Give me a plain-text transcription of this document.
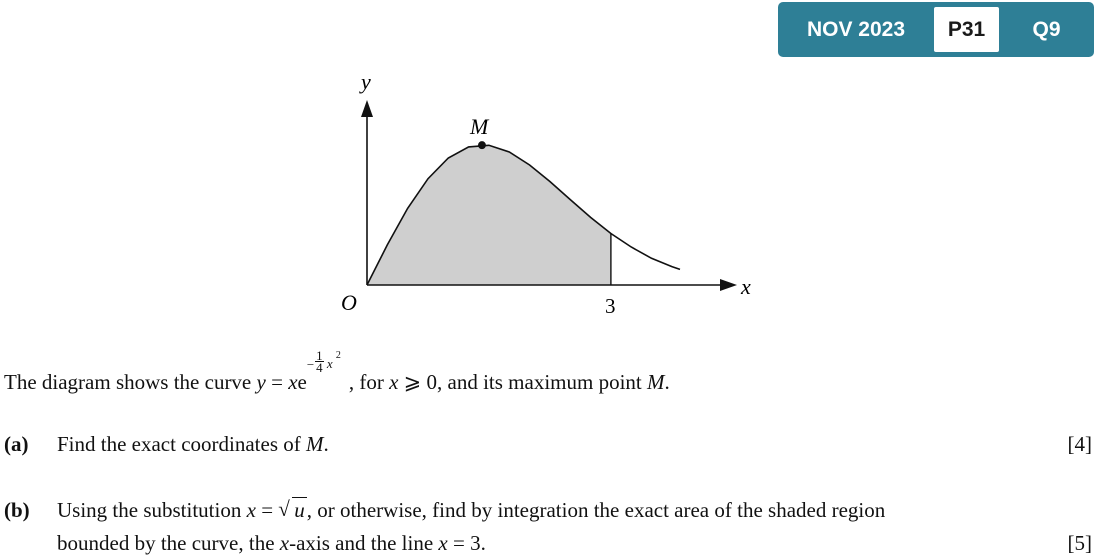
NOV 2023	P31	Q9
y
x
O
M
3
The diagram shows the curve y = xe
− $\frac{1}{4}$ x
2
, for x ⩾ 0, and its maximum point M.
(a) Find the exact coordinates of M.	[4]
(b) Using the substitution x = √ u, or otherwise, find by integration the exact area of the shaded region
bounded by the curve, the x-axis and the line x = 3.	[5]
